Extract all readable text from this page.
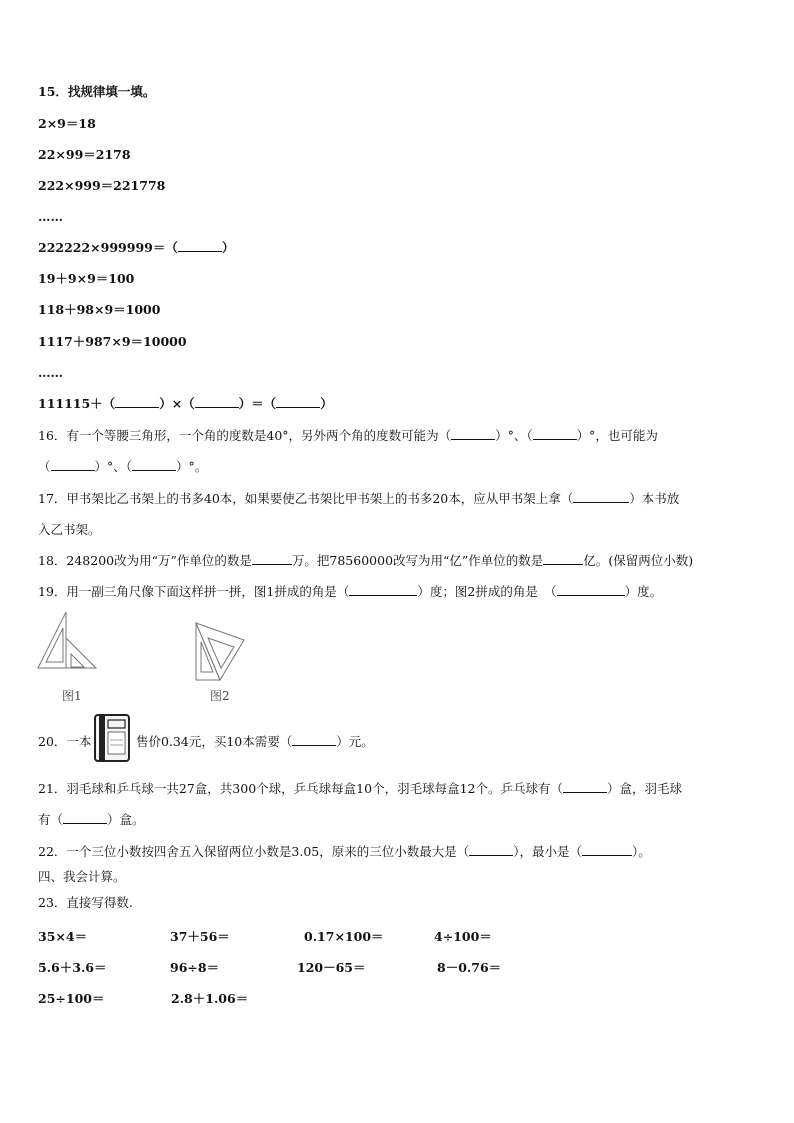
15．找规律填一填。
2×9＝18
22×99＝2178
222×999＝221778
……
222222×999999＝（	）
19＋9×9＝100
118＋98×9＝1000
1117＋987×9＝10000
……
111115＋（	）×（	）＝（	）
16．有一个等腰三角形，一个角的度数是40°，另外两个角的度数可能为（	）°、（	）°，也可能为
（	）°、（	）°。
17．甲书架比乙书架上的书多40本，如果要使乙书架比甲书架上的书多20本，应从甲书架上拿（	）本书放
入乙书架。
18．248200改为用“万”作单位的数是	万。把78560000改写为用“亿”作单位的数是	亿。(保留两位小数)
19．用一副三角尺像下面这样拼一拼，图1拼成的角是（	）度；图2拼成的角是　（	）度。
图1	图2
20．一本	售价0.34元，买10本需要（	）元。
21．羽毛球和乒乓球一共27盒，共300个球，乒乓球每盒10个，羽毛球每盒12个。乒乓球有（	）盒，羽毛球
有（	）盒。
22．一个三位小数按四舍五入保留两位小数是3.05，原来的三位小数最大是（	），最小是（	）。
四、我会计算。
23．直接写得数.
35×4＝	37＋56＝	0.17×100＝	4÷100＝
5.6＋3.6＝	96÷8＝	120－65＝	8－0.76＝
25÷100＝	2.8＋1.06＝
